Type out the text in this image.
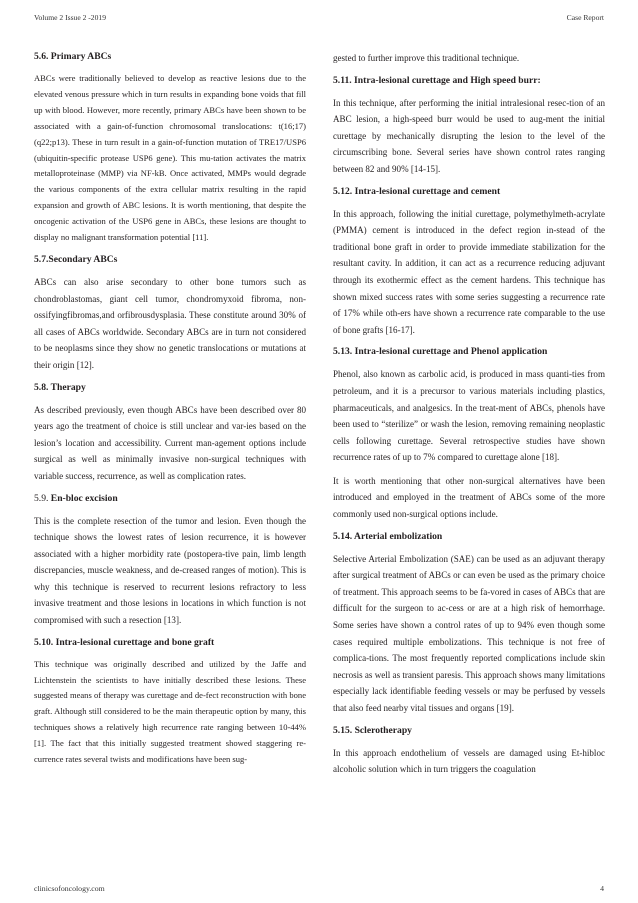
Volume 2 Issue 2 -2019	Case Report
5.6. Primary ABCs
ABCs were traditionally believed to develop as reactive lesions due to the elevated venous pressure which in turn results in expanding bone voids that fill up with blood. However, more recently, primary ABCs have been shown to be associated with a gain-of-function chromosomal translocations: t(16;17) (q22;p13). These in turn result in a gain-of-function mutation of TRE17/USP6 (ubiquitin-specific protease USP6 gene). This mu-tation activates the matrix metalloproteinase (MMP) via NF-kB. Once activated, MMPs would degrade the various components of the extra cellular matrix resulting in the rapid expansion and growth of ABC lesions. It is worth mentioning, that despite the oncogenic activation of the USP6 gene in ABCs, these lesions are thought to display no malignant transformation potential [11].
5.7.Secondary ABCs
ABCs can also arise secondary to other bone tumors such as chondroblastomas, giant cell tumor, chondromyxoid fibroma, non-ossifyingfibromas,and orfibrousdysplasia. These constitute around 30% of all cases of ABCs worldwide. Secondary ABCs are in turn not considered to be neoplasms since they show no genetic translocations or mutations at their origin [12].
5.8. Therapy
As described previously, even though ABCs have been described over 80 years ago the treatment of choice is still unclear and var-ies based on the lesion’s location and accessibility. Current man-agement options include surgical as well as minimally invasive non-surgical techniques with variable success, recurrence, as well as complication rates.
5.9. En-bloc excision
This is the complete resection of the tumor and lesion. Even though the technique shows the lowest rates of lesion recurrence, it is however associated with a higher morbidity rate (postopera-tive pain, limb length discrepancies, muscle weakness, and de-creased ranges of motion). This is why this technique is reserved to recurrent lesions refractory to less invasive treatment and those lesions in locations in which function is not compromised with such a resection [13].
5.10. Intra-lesional curettage and bone graft
This technique was originally described and utilized by the Jaffe and Lichtenstein the scientists to have initially described these lesions. These suggested means of therapy was curettage and de-fect reconstruction with bone graft. Although still considered to be the main therapeutic option by many, this techniques shows a relatively high recurrence rate ranging between 10-44% [1]. The fact that this initially suggested treatment showed staggering re-currence rates several twists and modifications have been sug-
gested to further improve this traditional technique.
5.11. Intra-lesional curettage and High speed burr:
In this technique, after performing the initial intralesional resec-tion of an ABC lesion, a high-speed burr would be used to aug-ment the initial curettage by mechanically disrupting the lesion to the level of the circumscribing bone. Several series have shown control rates ranging between 82 and 90% [14-15].
5.12. Intra-lesional curettage and cement
In this approach, following the initial curettage, polymethylmeth-acrylate (PMMA) cement is introduced in the defect region in-stead of the traditional bone graft in order to provide immediate stabilization for the resultant cavity. In addition, it can act as a recurrence reducing adjuvant through its exothermic effect as the cement hardens. This technique has shown mixed success rates with some series suggesting a recurrence rate of 17% while oth-ers have shown a recurrence rate comparable to the use of bone grafts [16-17].
5.13. Intra-lesional curettage and Phenol application
Phenol, also known as carbolic acid, is produced in mass quanti-ties from petroleum, and it is a precursor to various materials including plastics, pharmaceuticals, and analgesics. In the treat-ment of ABCs, phenols have been used to “sterilize” or wash the lesion, removing remaining neoplastic cells following curettage. Several retrospective studies have shown recurrence rates of up to 7% compared to curettage alone [18].
It is worth mentioning that other non-surgical alternatives have been introduced and employed in the treatment of ABCs some of the more commonly used non-surgical options include.
5.14. Arterial embolization
Selective Arterial Embolization (SAE) can be used as an adjuvant therapy after surgical treatment of ABCs or can even be used as the primary choice of treatment. This approach seems to be fa-vored in cases of ABCs that are difficult for the surgeon to ac-cess or are at a high risk of hemorrhage. Some series have shown a control rates of up to 94% even though some cases required multiple embolizations. This technique is not free of complica-tions. The most frequently reported complications include skin necrosis as well as transient paresis. This approach shows many limitations especially lack identifiable feeding vessels or may be perfused by vessels that also feed nearby vital tissues and organs [19].
5.15. Sclerotherapy
In this approach endothelium of vessels are damaged using Et-hibloc alcoholic solution which in turn triggers the coagulation
clinicsofoncology.com	4
